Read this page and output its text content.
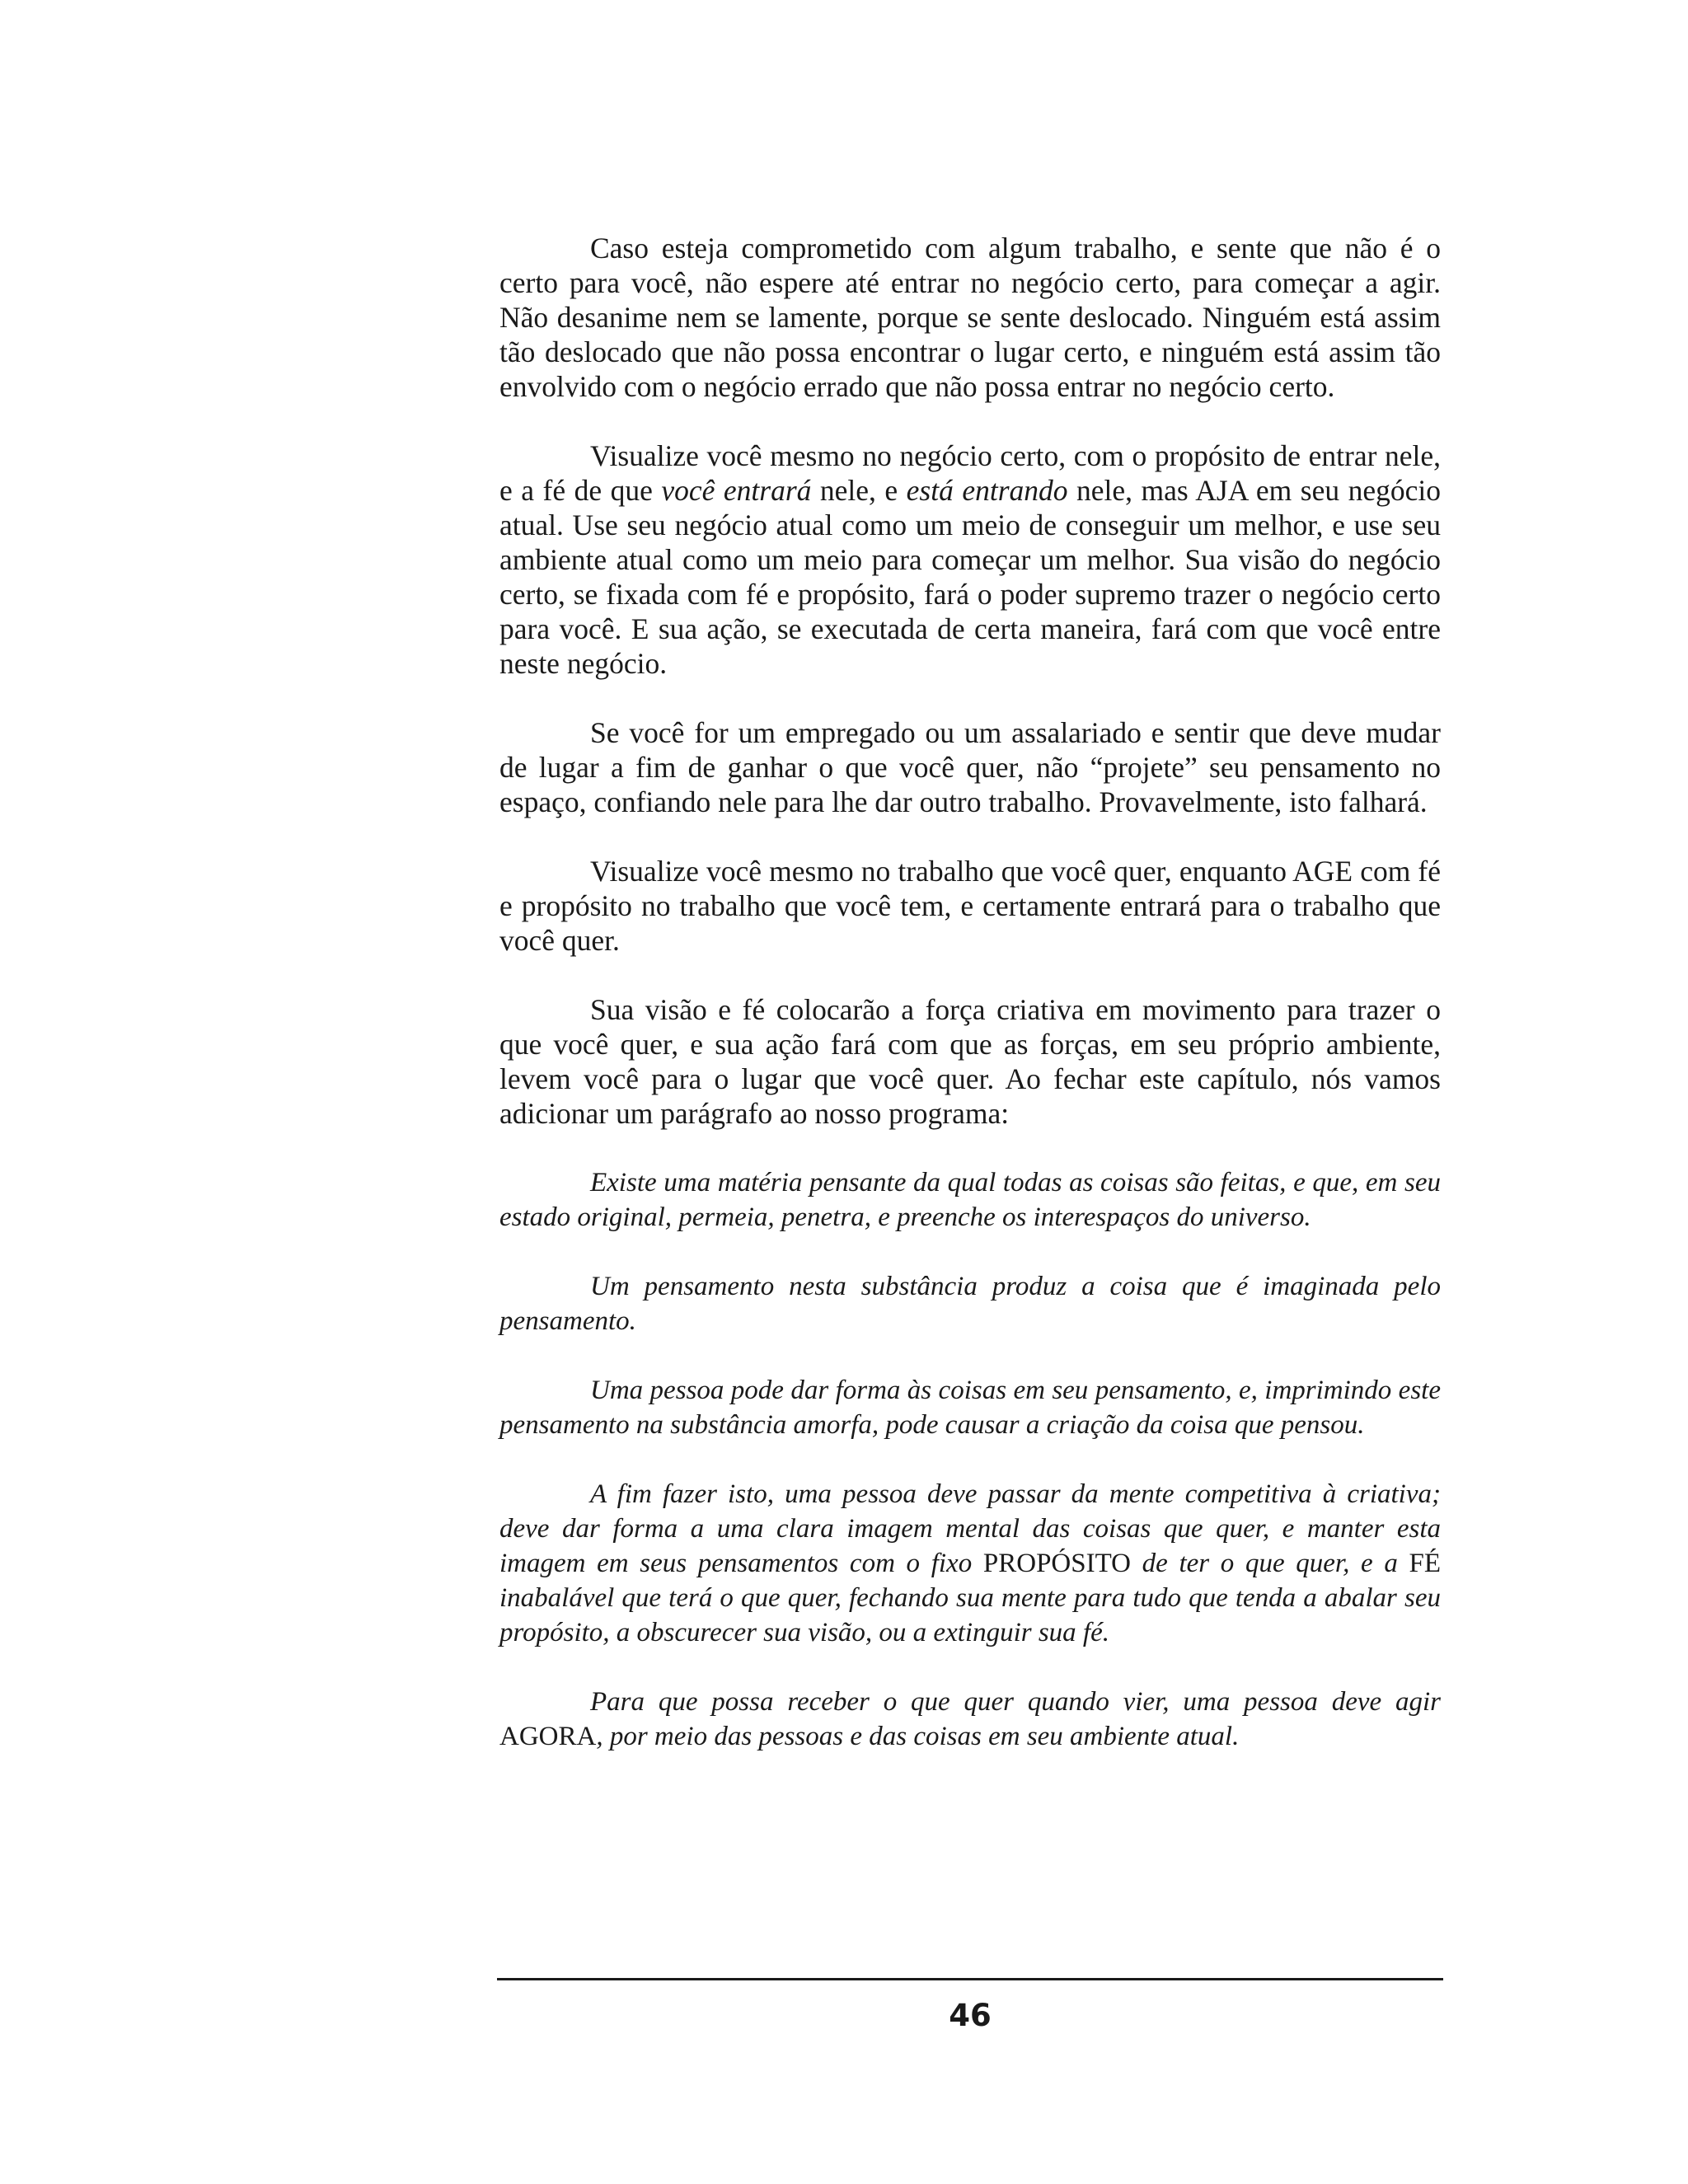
Caso esteja comprometido com algum trabalho, e sente que não é o certo para você, não espere até entrar no negócio certo, para começar a agir. Não desanime nem se lamente, porque se sente deslocado. Ninguém está assim tão deslocado que não possa encontrar o lugar certo, e ninguém está assim tão envolvido com o negócio errado que não possa entrar no negócio certo.

Visualize você mesmo no negócio certo, com o propósito de entrar nele, e a fé de que você entrará nele, e está entrando nele, mas AJA em seu negócio atual. Use seu negócio atual como um meio de conseguir um melhor, e use seu ambiente atual como um meio para começar um melhor. Sua visão do negócio certo, se fixada com fé e propósito, fará o poder supremo trazer o negócio certo para você. E sua ação, se executada de certa maneira, fará com que você entre neste negócio.

Se você for um empregado ou um assalariado e sentir que deve mudar de lugar a fim de ganhar o que você quer, não “projete” seu pensamento no espaço, confiando nele para lhe dar outro trabalho. Provavelmente, isto falhará.

Visualize você mesmo no trabalho que você quer, enquanto AGE com fé e propósito no trabalho que você tem, e certamente entrará para o trabalho que você quer.

Sua visão e fé colocarão a força criativa em movimento para trazer o que você quer, e sua ação fará com que as forças, em seu próprio ambiente, levem você para o lugar que você quer. Ao fechar este capítulo, nós vamos adicionar um parágrafo ao nosso programa:

Existe uma matéria pensante da qual todas as coisas são feitas, e que, em seu estado original, permeia, penetra, e preenche os interespaços do universo.

Um pensamento nesta substância produz a coisa que é imaginada pelo pensamento.

Uma pessoa pode dar forma às coisas em seu pensamento, e, imprimindo este pensamento na substância amorfa, pode causar a criação da coisa que pensou.

A fim fazer isto, uma pessoa deve passar da mente competitiva à criativa; deve dar forma a uma clara imagem mental das coisas que quer, e manter esta imagem em seus pensamentos com o fixo PROPÓSITO de ter o que quer, e a FÉ inabalável que terá o que quer, fechando sua mente para tudo que tenda a abalar seu propósito, a obscurecer sua visão, ou a extinguir sua fé.

Para que possa receber o que quer quando vier, uma pessoa deve agir AGORA, por meio das pessoas e das coisas em seu ambiente atual.

46
